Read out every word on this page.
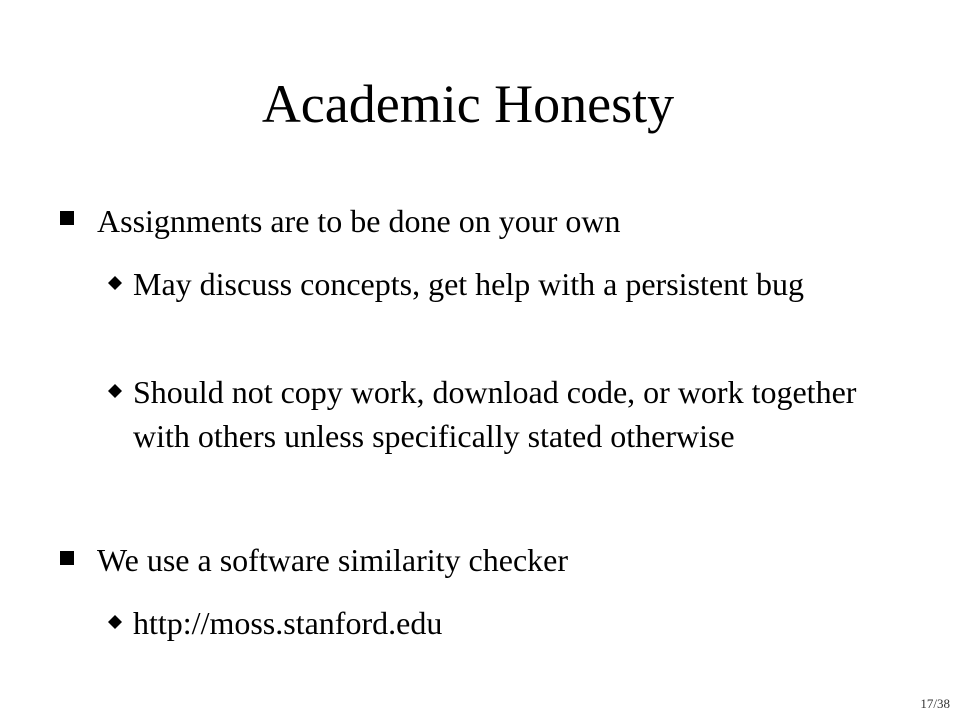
Academic Honesty
Assignments are to be done on your own
May discuss concepts, get help with a persistent bug
Should not copy work, download code, or work together with others unless specifically stated otherwise
We use a software similarity checker
http://moss.stanford.edu
17/38
